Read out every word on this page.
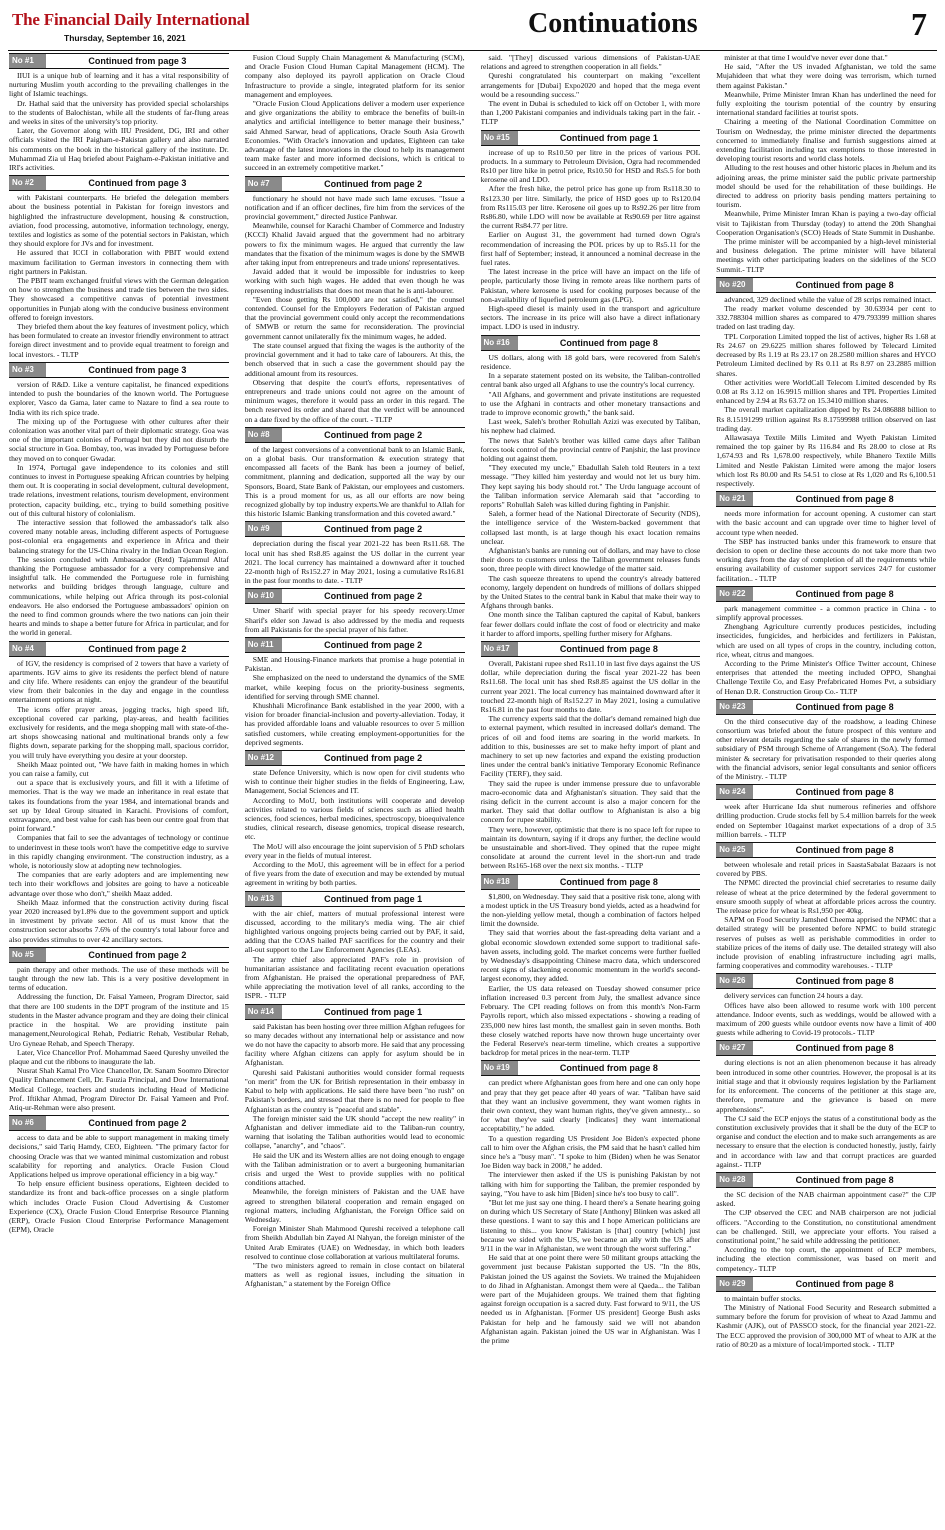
The Financial Daily International
Thursday, September 16, 2021	Continuations	7
No #1	Continued from page 3

IIUI is a unique hub of learning and it has a vital responsibility of nurturing Muslim youth according to the prevailing challenges in the light of Islamic teachings.

Dr. Hathal said that the university has provided special scholarships to the students of Balochistan, while all the students of far-flung areas and weeks in sites of the university's top priority.

Later, the Governor along with IIU President, DG, IRI and other officials visited the IRI Paigham-e-Pakistan gallery and also narrated his comments on the book in the historical gallery of the institute. Dr. Muhammad Zia ul Haq briefed about Paigham-e-Pakistan initiative and IRI's activities.

No #2	Continued from page 3

with Pakistani counterparts. He briefed the delegation members about the business potential in Pakistan for foreign investors and highlighted the infrastructure development, housing & construction, aviation, food processing, automotive, information technology, energy, textiles and logistics as some of the potential sectors in Pakistan, which they should explore for JVs and for investment.

He assured that ICCI in collaboration with PBIT would extend maximum facilitation to German investors in connecting them with right partners in Pakistan.

The PBIT team exchanged fruitful views with the German delegation on how to strengthen the business and trade ties between the two sides. They showcased a competitive canvas of potential investment opportunities in Punjab along with the conducive business environment offered to foreign investors.

They briefed them about the key features of investment policy, which has been formulated to create an investor friendly environment to attract foreign direct investment and to provide equal treatment to foreign and local investors. - TLTP

No #3	Continued from page 3

version of R&D. Like a venture capitalist, he financed expeditions intended to push the boundaries of the known world. The Portuguese explorer, Vasco da Gama, later came to Nazare to find a sea route to India with its rich spice trade.

The mixing up of the Portuguese with other cultures after their colonization was another vital part of their diplomatic strategy. Goa was one of the important colonies of Portugal but they did not disturb the social structure in Goa. Bombay, too, was invaded by Portuguese before they moved on to conquer Gwadar.

In 1974, Portugal gave independence to its colonies and still continues to invest in Portuguese speaking African countries by helping them out. It is cooperating in social development, cultural development, trade relations, investment relations, tourism development, environment protection, capacity building, etc., trying to build something positive out of this cultural history of colonialism.

The interactive session that followed the ambassador's talk also covered many notable areas, including different aspects of Portuguese post-colonial era engagements and experience in Africa and their balancing strategy for the US-China rivalry in the Indian Ocean Region.

The session concluded with Ambassador (Retd) Tajammul Altaf thanking the Portuguese ambassador for a very comprehensive and insightful talk. He commended the Portuguese role in furnishing networks and building bridges through language, culture and communications, while helping out Africa through its post-colonial endeavors. He also endorsed the Portuguese ambassadors' opinion on the need to find common grounds where the two nations can join their hearts and minds to shape a better future for Africa in particular, and for the world in general.

No #4	Continued from page 2

of IGV, the residency is comprised of 2 towers that have a variety of apartments. IGV aims to give its residents the perfect blend of nature and city life. Where residents can enjoy the grandeur of the beautiful view from their balconies in the day and engage in the countless entertainment options at night.

The icons offer prayer areas, jogging tracks, high speed lift, exceptional covered car parking, play-areas, and health facilities exclusively for residents, and the mega shopping mall with state-of-the-art shops showcasing national and multinational brands only a few flights down, separate parking for the shopping mall, spacious corridor, you will truly have everything you desire at your doorstep.

Sheikh Maaz pointed out, "We have faith in making homes in which you can raise a family, cut

out a space that is exclusively yours, and fill it with a lifetime of memories. That is the way we made an inheritance in real estate that takes its foundations from the year 1984, and international brands and set up by Ideal Group situated in Karachi. Provisions of comfort, extravagance, and best value for cash has been our centre goal from that point forward."

Companies that fail to see the advantages of technology or continue to underinvest in these tools won't have the competitive edge to survive in this rapidly changing environment. 'The construction industry, as a whole, is notoriously slow at adopting new technologies.

The companies that are early adopters and are implementing new tech into their workflows and jobsites are going to have a noticeable advantage over those who don't," sheikh Maaz added.

Sheikh Maaz informed that the construction activity during fiscal year 2020 increased by1.8% due to the government support and uptick in investment by private sector. All of us must know that the construction sector absorbs 7.6% of the country's total labour force and also provides stimulus to over 42 ancillary sectors.

No #5	Continued from page 2

pain therapy and other methods. The use of these methods will be taught through the new lab. This is a very positive development in terms of education.

Addressing the function, Dr. Faisal Yameen, Program Director, said that there are 100 students in the DPT program of the institute and 15 students in the Master advance program and they are doing their clinical practice in the hospital. We are providing institute pain management,Neurological Rehab, Pediatric Rehab, Vestibular Rehab, Uro Gyneae Rehab, and Speech Therapy.

Later, Vice Chancellor Prof. Mohammad Saeed Qureshy unveiled the plaque and cut the ribbons to inaugurate the lab.

Nusrat Shah Kamal Pro Vice Chancellor, Dr. Sanam Soomro Director Quality Enhancement Cell, Dr. Fauzia Principal, and Dow International Medical College, teachers and students including Head of Medicine Prof. Iftikhar Ahmad, Program Director Dr. Faisal Yameen and Prof. Atiq-ur-Rehman were also present.

No #6	Continued from page 2

access to data and be able to support management in making timely decisions," said Tariq Hamdy, CEO, Eighteen. "The primary factor for choosing Oracle was that we wanted minimal customization and robust scalability for reporting and analytics. Oracle Fusion Cloud Applications helped us improve operational efficiency in a big way."

To help ensure efficient business operations, Eighteen decided to standardize its front and back-office processes on a single platform which includes Oracle Fusion Cloud Advertising & Customer Experience (CX), Oracle Fusion Cloud Enterprise Resource Planning (ERP), Oracle Fusion Cloud Enterprise Performance Management (EPM), Oracle

Fusion Cloud Supply Chain Management & Manufacturing (SCM), and Oracle Fusion Cloud Human Capital Management (HCM). The company also deployed its payroll application on Oracle Cloud Infrastructure to provide a single, integrated platform for its senior management and employees.

"Oracle Fusion Cloud Applications deliver a modern user experience and give organizations the ability to embrace the benefits of built-in analytics and artificial intelligence to better manage their business," said Ahmed Sarwar, head of applications, Oracle South Asia Growth Economies. "With Oracle's innovation and updates, Eighteen can take advantage of the latest innovations in the cloud to help its management team make faster and more informed decisions, which is critical to succeed in an extremely competitive market."

No #7	Continued from page 2

functionary he should not have made such lame excuses. "Issue a notification and if an officer declines, fire him from the services of the provincial government," directed Justice Panhwar.

Meanwhile, counsel for Karachi Chamber of Commerce and Industry (KCCI) Khalid Javaid argued that the government had no arbitrary powers to fix the minimum wages. He argued that currently the law mandates that the fixation of the minimum wages is done by the SMWB after taking input from entrepreneurs and trade unions' representatives.

Javaid added that it would be impossible for industries to keep working with such high wages. He added that even though he was representing industrialists that does not mean that he is anti-labourer.

"Even those getting Rs 100,000 are not satisfied," the counsel contended. Counsel for the Employers Federation of Pakistan argued that the provincial government could only accept the recommendations of SMWB or return the same for reconsideration. The provincial government cannot unilaterally fix the minimum wages, he added.

The state counsel argued that fixing the wages is the authority of the provincial government and it had to take care of labourers. At this, the bench observed that in such a case the government should pay the additional amount from its resources.

Observing that despite the court's efforts, representatives of entrepreneurs and trade unions could not agree on the amount of minimum wages, therefore it would pass an order in this regard. The bench reserved its order and shared that the verdict will be announced on a date fixed by the office of the court. - TLTP

No #8	Continued from page 2

of the largest conversions of a conventional bank to an Islamic Bank, on a global basis. Our transformation & execution strategy that encompassed all facets of the Bank has been a journey of belief, commitment, planning and dedication, supported all the way by our Sponsors, Board, State Bank of Pakistan, our employees and customers. This is a proud moment for us, as all our efforts are now being recognized globally by top industry experts.We are thankful to Allah for this historic Islamic Banking transformation and this coveted award."

No #9	Continued from page 2

depreciation during the fiscal year 2021-22 has been Rs11.68. The local unit has shed Rs8.85 against the US dollar in the current year 2021. The local currency has maintained a downward after it touched 22-month high of Rs152.27 in May 2021, losing a cumulative Rs16.81 in the past four months to date. - TLTP

No #10	Continued from page 2

Umer Sharif with special prayer for his speedy recovery.Umer Sharif's elder son Jawad is also addressed by the media and requests from all Pakistanis for the special prayer of his father.

No #11	Continued from page 2

SME and Housing-Finance markets that promise a huge potential in Pakistan.

She emphasized on the need to understand the dynamics of the SME market, while keeping focus on the priority-business segments, identified for serving through SME channel.

Khushhali Microfinance Bank established in the year 2000, with a vision for broader financial-inclusion and poverty-alleviation. Today, it has provided affordable loans and valuable resources to over 5 million satisfied customers, while creating employment-opportunities for the deprived segments.

No #12	Continued from page 2

state Defence University, which is now open for civil students who wish to continue their higher studies in the fields of Engineering, Law, Management, Social Sciences and IT.

According to MoU, both institutions will cooperate and develop activities related to various fields of sciences such as allied health sciences, food sciences, herbal medicines, spectroscopy, bioequivalence studies, clinical research, disease genomics, tropical disease research, etc.

The MoU will also encourage the joint supervision of 5 PhD scholars every year in the fields of mutual interest.

According to the MoU, this agreement will be in effect for a period of five years from the date of execution and may be extended by mutual agreement in writing by both parties.

No #13	Continued from page 1

with the air chief, matters of mutual professional interest were discussed, according to the military's media wing. The air chief highlighted various ongoing projects being carried out by PAF, it said, adding that the COAS hailed PAF sacrifices for the country and their all-out support to the Law Enforcement Agencies (LEAs).

The army chief also appreciated PAF's role in provision of humanitarian assistance and facilitating recent evacuation operations from Afghanistan. He praised the operational preparedness of PAF, while appreciating the motivation level of all ranks, according to the ISPR. - TLTP

No #14	Continued from page 1

said Pakistan has been hosting over three million Afghan refugees for so many decades without any international help or assistance and now we do not have the capacity to absorb more. He said that any processing facility where Afghan citizens can apply for asylum should be in Afghanistan.

Qureshi said Pakistani authorities would consider formal requests "on merit" from the UK for British representation in their embassy in Kabul to help with applications. He said there have been "no rush" on Pakistan's borders, and stressed that there is no need for people to flee Afghanistan as the country is "peaceful and stable".

The foreign minister said the UK should "accept the new reality" in Afghanistan and deliver immediate aid to the Taliban-run country, warning that isolating the Taliban authorities would lead to economic collapse, "anarchy", and "chaos".

He said the UK and its Western allies are not doing enough to engage with the Taliban administration or to avert a burgeoning humanitarian crisis and urged the West to provide supplies with no political conditions attached.

Meanwhile, the foreign ministers of Pakistan and the UAE have agreed to strengthen bilateral cooperation and remain engaged on regional matters, including Afghanistan, the Foreign Office said on Wednesday.

Foreign Minister Shah Mahmood Qureshi received a telephone call from Sheikh Abdullah bin Zayed Al Nahyan, the foreign minister of the United Arab Emirates (UAE) on Wednesday, in which both leaders resolved to continue close collaboration at various multilateral forums.

"The two ministers agreed to remain in close contact on bilateral matters as well as regional issues, including the situation in Afghanistan," a statement by the Foreign Office

said. "[They] discussed various dimensions of Pakistan-UAE relations and agreed to strengthen cooperation in all fields."

Qureshi congratulated his counterpart on making "excellent arrangements for [Dubai] Expo2020 and hoped that the mega event would be a resounding success."

The event in Dubai is scheduled to kick off on October 1, with more than 1,200 Pakistani companies and individuals taking part in the fair. - TLTP

No #15	Continued from page 1

increase of up to Rs10.50 per litre in the prices of various POL products. In a summary to Petroleum Division, Ogra had recommended Rs10 per litre hike in petrol price, Rs10.50 for HSD and Rs5.5 for both kerosene oil and LDO.

After the fresh hike, the petrol price has gone up from Rs118.30 to Rs123.30 per litre. Similarly, the price of HSD goes up to Rs120.04 from Rs115.03 per litre. Kerosene oil goes up to Rs92.26 per litre from Rs86.80, while LDO will now be available at Rs90.69 per litre against the current Rs84.77 per litre.

Earlier on August 31, the government had turned down Ogra's recommendation of increasing the POL prices by up to Rs5.11 for the first half of September; instead, it announced a nominal decrease in the fuel rates.

The latest increase in the price will have an impact on the life of people, particularly those living in remote areas like northern parts of Pakistan, where kerosene is used for cooking purposes because of the non-availability of liquefied petroleum gas (LPG).

High-speed diesel is mainly used in the transport and agriculture sectors. The increase in its price will also have a direct inflationary impact. LDO is used in industry.

No #16	Continued from page 8

US dollars, along with 18 gold bars, were recovered from Saleh's residence.

In a separate statement posted on its website, the Taliban-controlled central bank also urged all Afghans to use the country's local currency.

"All Afghans, and government and private institutions are requested to use the Afghani in contracts and other monetary transactions and trade to improve economic growth," the bank said.

Last week, Saleh's brother Rohullah Azizi was executed by Taliban, his nephew had claimed.

The news that Saleh's brother was killed came days after Taliban forces took control of the provincial centre of Panjshir, the last province holding out against them.

"They executed my uncle," Ebadullah Saleh told Reuters in a text message. "They killed him yesterday and would not let us bury him. They kept saying his body should rot." The Urdu language account of the Taliban information service Alemarah said that "according to reports" Rohullah Saleh was killed during fighting in Panjshir.

Saleh, a former head of the National Directorate of Security (NDS), the intelligence service of the Western-backed government that collapsed last month, is at large though his exact location remains unclear.

Afghanistan's banks are running out of dollars, and may have to close their doors to customers unless the Taliban government releases funds soon, three people with direct knowledge of the matter said.

The cash squeeze threatens to upend the country's already battered economy, largely dependent on hundreds of millions of dollars shipped by the United States to the central bank in Kabul that make their way to Afghans through banks.

One month since the Taliban captured the capital of Kabul, bankers fear fewer dollars could inflate the cost of food or electricity and make it harder to afford imports, spelling further misery for Afghans.

No #17	Continued from page 8

Overall, Pakistani rupee shed Rs11.10 in last five days against the US dollar, while depreciation during the fiscal year 2021-22 has been Rs11.68. The local unit has shed Rs8.85 against the US dollar in the current year 2021. The local currency has maintained downward after it touched 22-month high of Rs152.27 in May 2021, losing a cumulative Rs16.81 in the past four months to date.

The currency experts said that the dollar's demand remained high due to external payment, which resulted in increased dollar's demand. The prices of oil and food items are soaring in the world markets. In addition to this, businesses are set to make hefty import of plant and machinery to set up new factories and expand the existing production lines under the central bank's initiative Temporary Economic Refinance Facility (TERF), they said.

They said the rupee is under immense pressure due to unfavorable macro-economic data and Afghanistan's situation. They said that the rising deficit in the current account is also a major concern for the market. They said that dollar outflow to Afghanistan is also a big concern for rupee stability.

They were, however, optimistic that there is no space left for rupee to maintain its downturn, saying if it drops any further, the decline would be unsustainable and short-lived. They opined that the rupee might consolidate at around the current level in the short-run and trade between Rs165-168 over the next six months. - TLTP

No #18	Continued from page 8

$1,800, on Wednesday. They said that a positive risk tone, along with a modest uptick in the US Treasury bond yields, acted as a headwind for the non-yielding yellow metal, though a combination of factors helped limit the downside.

They said that worries about the fast-spreading delta variant and a global economic slowdown extended some support to traditional safe-haven assets, including gold. The market concerns were further fuelled by Wednesday's disappointing Chinese macro data, which underscored recent signs of slackening economic momentum in the world's second-largest economy, they added.

Earlier, the US data released on Tuesday showed consumer price inflation increased 0.3 percent from July, the smallest advance since February. The CPI reading follows on from this month's Non-Farm Payrolls report, which also missed expectations - showing a reading of 235,000 new hires last month, the smallest gain in seven months. Both these closely watched reports have now thrown huge uncertainty over the Federal Reserve's near-term timeline, which creates a supportive backdrop for metal prices in the near-term. TLTP

No #19	Continued from page 8

can predict where Afghanistan goes from here and one can only hope and pray that they get peace after 40 years of war. "Taliban have said that they want an inclusive government, they want women rights in their own context, they want human rights, they've given amnesty... so for what they've said clearly [indicates] they want international acceptability," he added.

To a question regarding US President Joe Biden's expected phone call to him over the Afghan crisis, the PM said that he hasn't called him since he's a "busy man". "I spoke to him (Biden) when he was Senator Joe Biden way back in 2008," he added.

The interviewer then asked if the US is punishing Pakistan by not talking with him for supporting the Taliban, the premier responded by saying, "You have to ask him [Biden] since he's too busy to call".

"But let me just say one thing. I heard there's a Senate hearing going on during which US Secretary of State [Anthony] Blinken was asked all these questions. I want to say this and I hope American politicians are listening to this... you know Pakistan is [that] country [which] just because we sided with the US, we became an ally with the US after 9/11 in the war in Afghanistan, we went through the worst suffering."

He said that at one point there were 50 militant groups attacking the government just because Pakistan supported the US. "In the 80s, Pakistan joined the US against the Soviets. We trained the Mujahideen to do Jihad in Afghanistan. Amongst them were al Qaeda... the Taliban were part of the Mujahideen groups. We trained them that fighting against foreign occupation is a sacred duty. Fast forward to 9/11, the US needed us in Afghanistan. [Former US president] George Bush asks Pakistan for help and he famously said we will not abandon Afghanistan again. Pakistan joined the US war in Afghanistan. Was I the prime

minister at that time I would've never ever done that."

He said, "After the US invaded Afghanistan, we told the same Mujahideen that what they were doing was terrorism, which turned them against Pakistan."

Meanwhile, Prime Minister Imran Khan has underlined the need for fully exploiting the tourism potential of the country by ensuring international standard facilities at tourist spots.

Chairing a meeting of the National Coordination Committee on Tourism on Wednesday, the prime minister directed the departments concerned to immediately finalise and furnish suggestions aimed at extending facilitation including tax exemptions to those interested in developing tourist resorts and world class hotels.

Alluding to the rest houses and other historic places in Jhelum and its adjoining areas, the prime minister said the public private partnership model should be used for the rehabilitation of these buildings. He directed to address on priority basis pending matters pertaining to tourism.

Meanwhile, Prime Minister Imran Khan is paying a two-day official visit to Tajikistan from Thursday (today) to attend the 20th Shanghai Cooperation Organisation's (SCO) Heads of State Summit in Dushanbe.

The prime minister will be accompanied by a high-level ministerial and business delegation. The prime minister will have bilateral meetings with other participating leaders on the sidelines of the SCO Summit.- TLTP

No #20	Continued from page 8

advanced, 329 declined while the value of 28 scrips remained intact.

The ready market volume descended by 30.63934 per cent to 332.788304 million shares as compared to 479.793399 million shares traded on last trading day.

TPL Corporation Limited topped the list of actives, higher Rs 1.68 at Rs 24.67 on 29.6225 million shares followed by Telecard Limited decreased by Rs 1.19 at Rs 23.17 on 28.2580 million shares and HYCO Petroleum Limited declined by Rs 0.11 at Rs 8.97 on 23.2885 million shares.

Other activities were WorldCall Telecom Limited descended by Rs 0.08 at Rs 3.12 on 16.9915 million shares and TPL Properties Limited enhanced by 2.94 at Rs 63.72 on 15.3410 million shares.

The overall market capitalization dipped by Rs 24.086888 billion to Rs 8.15191299 trillion against Rs 8.17599988 trillion observed on last trading day.

Allawasaya Textile Mills Limited and Wyeth Pakistan Limited remained the top gainer by Rs 116.84 and Rs 28.00 to close at Rs 1,674.93 and Rs 1,678.00 respectively, while Bhanero Textile Mills Limited and Nestle Pakistan Limited were among the major losers which lost Rs 80.00 and Rs 54.51 to close at Rs 1,020 and Rs 6,100.51 respectively.

No #21	Continued from page 8

needs more information for account opening. A customer can start with the basic account and can upgrade over time to higher level of account type when needed.

The SBP has instructed banks under this framework to ensure that decision to open or decline these accounts do not take more than two working days from the day of completion of all the requirements while ensuring availability of customer support services 24/7 for customer facilitation.. - TLTP

No #22	Continued from page 8

park management committee - a common practice in China - to simplify approval processes.

Zhengbang Agriculture currently produces pesticides, including insecticides, fungicides, and herbicides and fertilizers in Pakistan, which are used on all types of crops in the country, including cotton, rice, wheat, citrus and mangoes.

According to the Prime Minister's Office Twitter account, Chinese enterprises that attended the meeting included OPPO, Shanghai Challenge Textile Co, and Easy Prefabricated Homes Pvt, a subsidiary of Henan D.R. Construction Group Co.- TLTP

No #23	Continued from page 8

On the third consecutive day of the roadshow, a leading Chinese consortium was briefed about the future prospect of this venture and other relevant details regarding the sale of shares in the newly formed subsidiary of PSM through Scheme of Arrangement (SoA). The federal minister & secretary for privatisation responded to their queries along with the financial advisors, senior legal consultants and senior officers of the Ministry. - TLTP

No #24	Continued from page 8

week after Hurricane Ida shut numerous refineries and offshore drilling production. Crude stocks fell by 5.4 million barrels for the week ended on September 10against market expectations of a drop of 3.5 million barrels. - TLTP

No #25	Continued from page 8

between wholesale and retail prices in SaastaSabalat Bazaars is not covered by PBS.

The NPMC directed the provincial chief secretaries to resume daily release of wheat at the price determined by the federal government to ensure smooth supply of wheat at affordable prices across the country. The release price for wheat is Rs1,950 per 40kg.

SAPM on Food Security Jamshed Cheema apprised the NPMC that a detailed strategy will be presented before NPMC to build strategic reserves of pulses as well as perishable commodities in order to stabilize prices of the items of daily use. The detailed strategy will also include provision of enabling infrastructure including agri malls, farming cooperatives and commodity warehouses. - TLTP

No #26	Continued from page 8

delivery services can function 24 hours a day.

Offices have also been allowed to resume work with 100 percent attendance. Indoor events, such as weddings, would be allowed with a maximum of 200 guests while outdoor events now have a limit of 400 guests while adhering to Covid-19 protocols.- TLTP

No #27	Continued from page 8

during elections is not an alien phenomenon because it has already been introduced in some other countries. However, the proposal is at its initial stage and that it obviously requires legislation by the Parliament for its enforcement. The concerns of the petitioner at this stage are, therefore, premature and the grievance is based on mere apprehensions".

The CJ said the ECP enjoys the status of a constitutional body as the constitution exclusively provides that it shall be the duty of the ECP to organise and conduct the election and to make such arrangements as are necessary to ensure that the election is conducted honestly, justly, fairly and in accordance with law and that corrupt practices are guarded against.- TLTP

No #28	Continued from page 8

the SC decision of the NAB chairman appointment case?" the CJP asked.

The CJP observed the CEC and NAB chairperson are not judicial officers. "According to the Constitution, no constitutional amendment can be challenged. Still, we appreciate your efforts. You raised a constitutional point," he said while addressing the petitioner.

According to the top court, the appointment of ECP members, including the election commissioner, was based on merit and competency.- TLTP

No #29	Continued from page 8

to maintain buffer stocks.

The Ministry of National Food Security and Research submitted a summary before the forum for provision of wheat to Azad Jammu and Kashmir (AJK), out of PASSCO stock, for the financial year 2021-22. The ECC approved the provision of 300,000 MT of wheat to AJK at the ratio of 80:20 as a mixture of local/imported stock. - TLTP
